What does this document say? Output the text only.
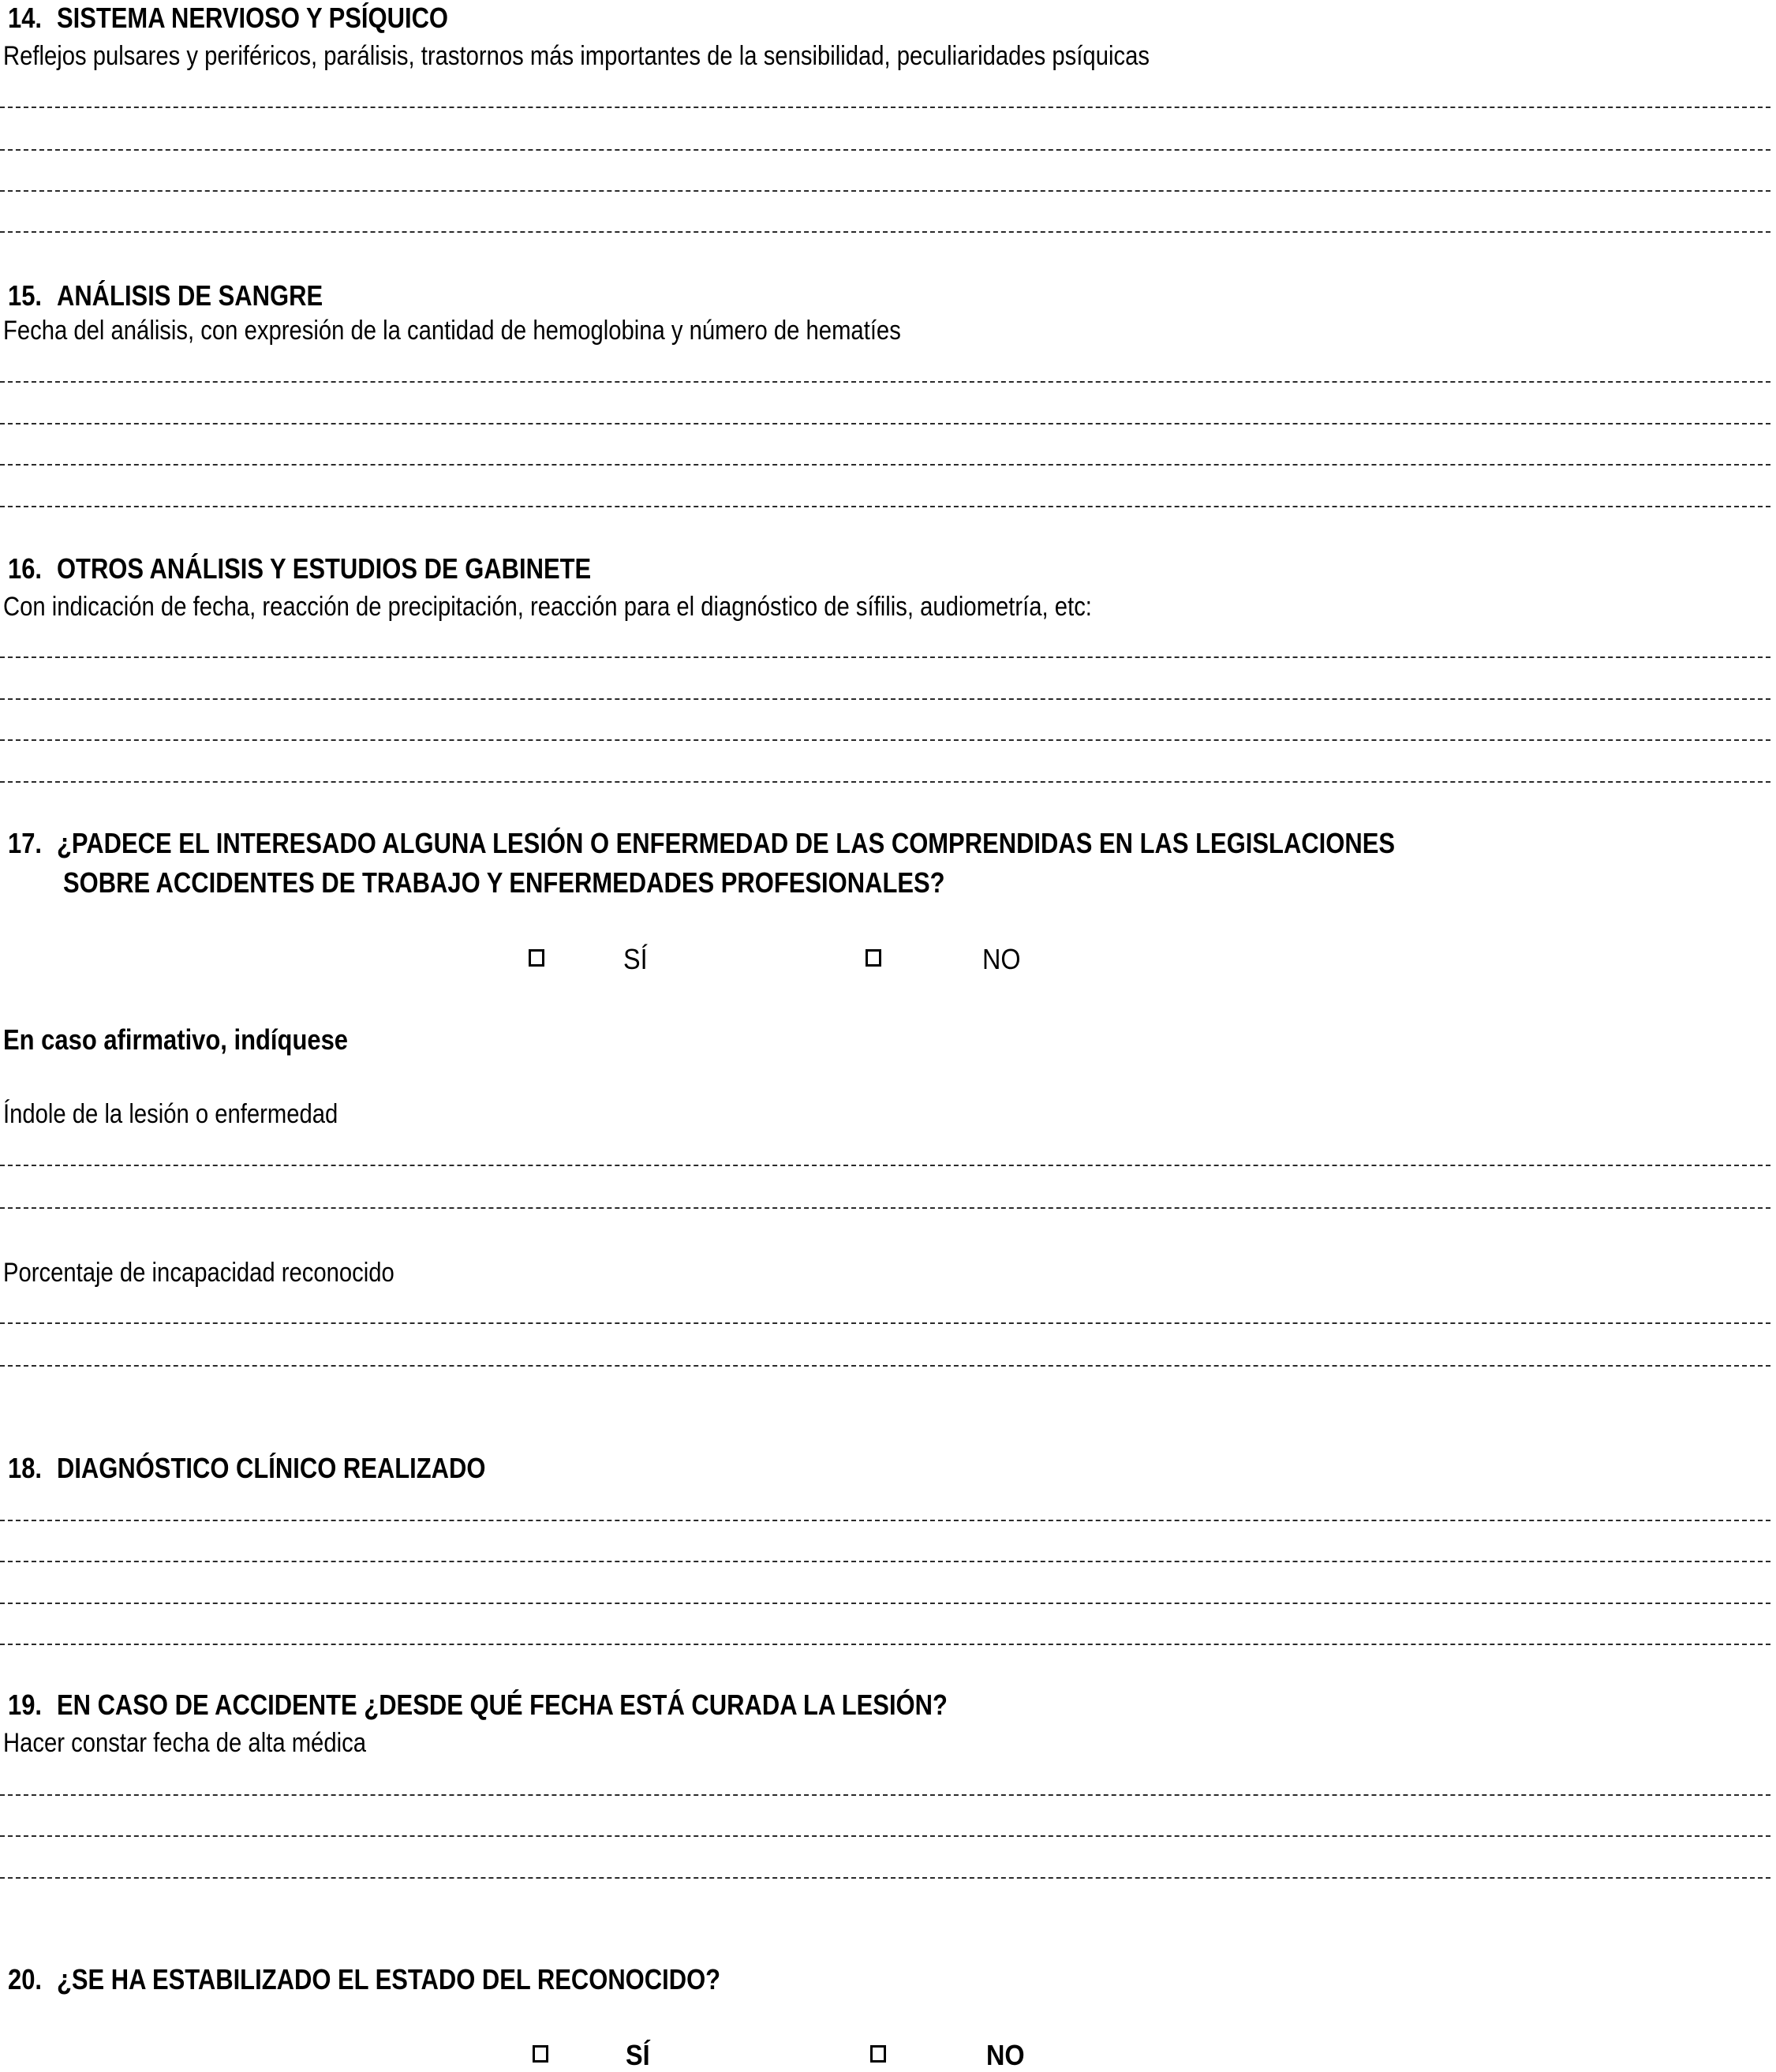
14. SISTEMA NERVIOSO Y PSÍQUICO
Reflejos pulsares y periféricos, parálisis, trastornos más importantes de la sensibilidad, peculiaridades psíquicas
15. ANÁLISIS DE SANGRE
Fecha del análisis, con expresión de la cantidad de hemoglobina y número de hematíes
16. OTROS ANÁLISIS Y ESTUDIOS DE GABINETE
Con indicación de fecha, reacción de precipitación, reacción para el diagnóstico de sífilis, audiometría, etc:
17. ¿PADECE EL INTERESADO ALGUNA LESIÓN O ENFERMEDAD DE LAS COMPRENDIDAS EN LAS LEGISLACIONES
SOBRE ACCIDENTES DE TRABAJO Y ENFERMEDADES PROFESIONALES?
SÍ	NO
En caso afirmativo, indíquese
Índole de la lesión o enfermedad
Porcentaje de incapacidad reconocido
18. DIAGNÓSTICO CLÍNICO REALIZADO
19. EN CASO DE ACCIDENTE ¿DESDE QUÉ FECHA ESTÁ CURADA LA LESIÓN?
Hacer constar fecha de alta médica
20. ¿SE HA ESTABILIZADO EL ESTADO DEL RECONOCIDO?
SÍ	NO
